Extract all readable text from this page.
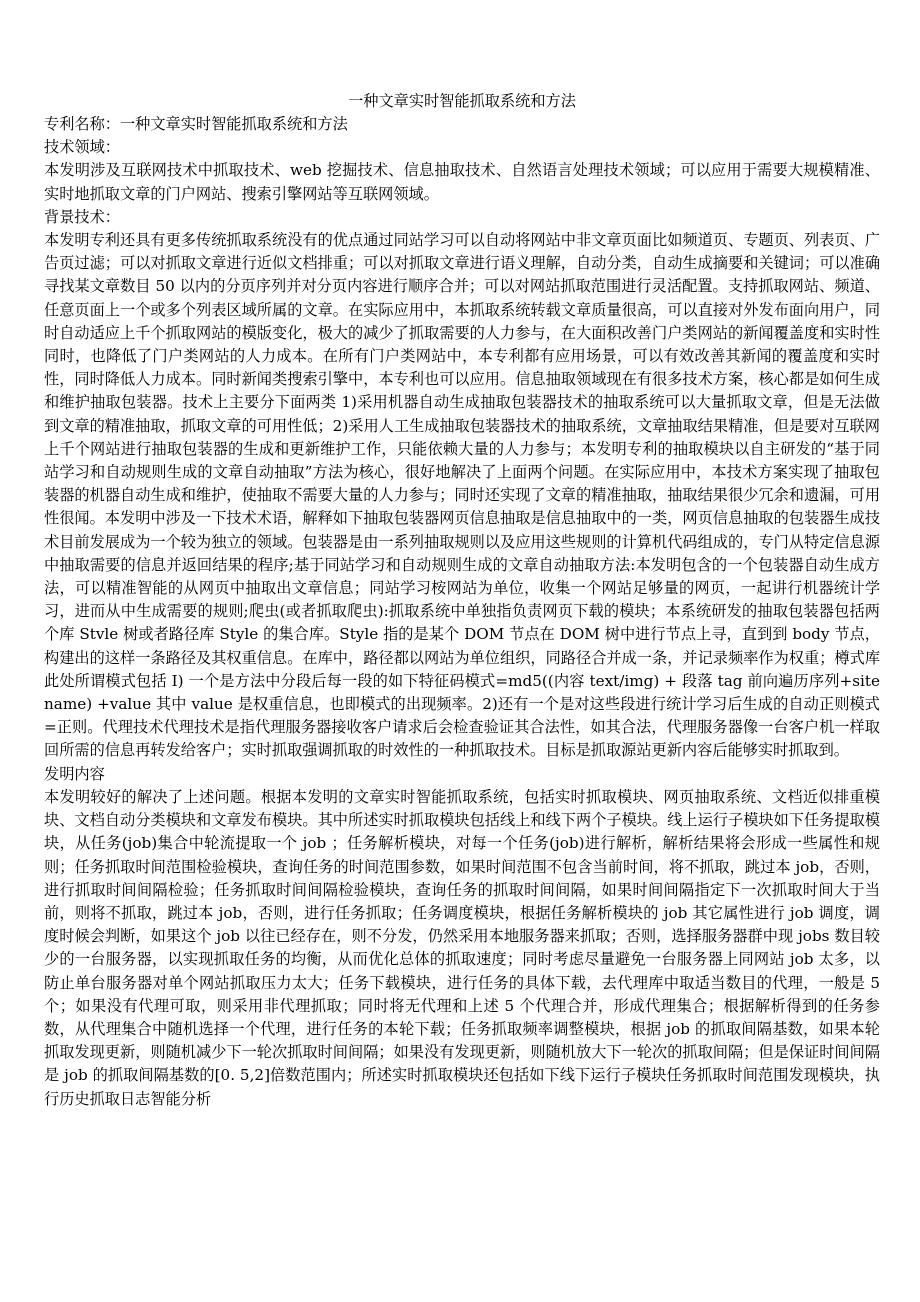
一种文章实时智能抓取系统和方法
专利名称：一种文章实时智能抓取系统和方法
技术领域：
本发明涉及互联网技术中抓取技术、web 挖掘技术、信息抽取技术、自然语言处理技术领域；可以应用于需要大规模精准、实时地抓取文章的门户网站、搜索引擎网站等互联网领域。
背景技术：
本发明专利还具有更多传统抓取系统没有的优点通过同站学习可以自动将网站中非文章页面比如频道页、专题页、列表页、广告页过滤；可以对抓取文章进行近似文档排重；可以对抓取文章进行语义理解，自动分类，自动生成摘要和关键词；可以准确寻找某文章数目 50 以内的分页序列并对分页内容进行顺序合并；可以对网站抓取范围进行灵活配置。支持抓取网站、频道、任意页面上一个或多个列表区域所属的文章。在实际应用中，本抓取系统转载文章质量很高，可以直接对外发布面向用户，同时自动适应上千个抓取网站的模版变化，极大的减少了抓取需要的人力参与，在大面积改善门户类网站的新闻覆盖度和实时性同时，也降低了门户类网站的人力成本。在所有门户类网站中，本专利都有应用场景，可以有效改善其新闻的覆盖度和实时性，同时降低人力成本。同时新闻类搜索引擎中，本专利也可以应用。信息抽取领域现在有很多技术方案，核心都是如何生成和维护抽取包装器。技术上主要分下面两类 1)采用机器自动生成抽取包装器技术的抽取系统可以大量抓取文章，但是无法做到文章的精准抽取，抓取文章的可用性低；2)采用人工生成抽取包装器技术的抽取系统，文章抽取结果精准，但是要对互联网上千个网站进行抽取包装器的生成和更新维护工作，只能依赖大量的人力参与；本发明专利的抽取模块以自主研发的“基于同站学习和自动规则生成的文章自动抽取”方法为核心，很好地解决了上面两个问题。在实际应用中，本技术方案实现了抽取包装器的机器自动生成和维护，使抽取不需要大量的人力参与；同时还实现了文章的精准抽取，抽取结果很少冗余和遗漏，可用性很闻。本发明中涉及一下技术术语，解释如下抽取包装器网页信息抽取是信息抽取中的一类，网页信息抽取的包装器生成技术目前发展成为一个较为独立的领域。包装器是由一系列抽取规则以及应用这些规则的计算机代码组成的，专门从特定信息源中抽取需要的信息并返回结果的程序;基于同站学习和自动规则生成的文章自动抽取方法:本发明包含的一个包装器自动生成方法，可以精准智能的从网页中抽取出文章信息；同站学习桉网站为单位，收集一个网站足够量的网页，一起讲行机器统计学习，进而从中生成需要的规则;爬虫(或者抓取爬虫):抓取系统中单独指负责网页下载的模块；本系统研发的抽取包装器包括两个库 Stvle 树或者路径库 Style 的集合库。Style 指的是某个 DOM 节点在 DOM 树中进行节点上寻，直到到 body 节点，构建出的这样一条路径及其权重信息。在库中，路径都以网站为单位组织，同路径合并成一条，并记录频率作为权重；樽式库此处所谓模式包括 I) 一个是方法中分段后每一段的如下特征码模式=md5((内容 text/img) + 段落 tag 前向遍历序列+site name) +value 其中 value 是权重信息，也即模式的出现频率。2)还有一个是对这些段进行统计学习后生成的自动正则模式=正则。代理技术代理技术是指代理服务器接收客户请求后会检查验证其合法性，如其合法，代理服务器像一台客户机一样取回所需的信息再转发给客户；实时抓取强调抓取的时效性的一种抓取技术。目标是抓取源站更新内容后能够实时抓取到。
发明内容
本发明较好的解决了上述问题。根据本发明的文章实时智能抓取系统，包括实时抓取模块、网页抽取系统、文档近似排重模块、文档自动分类模块和文章发布模块。其中所述实时抓取模块包括线上和线下两个子模块。线上运行子模块如下任务提取模块，从任务(job)集合中轮流提取一个 job ；任务解析模块，对每一个任务(job)进行解析，解析结果将会形成一些属性和规则；任务抓取时间范围检验模块，查询任务的时间范围参数，如果时间范围不包含当前时间，将不抓取，跳过本 job，否则，进行抓取时间间隔检验；任务抓取时间间隔检验模块，查询任务的抓取时间间隔，如果时间间隔指定下一次抓取时间大于当前，则将不抓取，跳过本 job，否则，进行任务抓取；任务调度模块，根据任务解析模块的 job 其它属性进行 job 调度，调度时候会判断，如果这个 job 以往已经存在，则不分发，仍然采用本地服务器来抓取；否则，选择服务器群中现 jobs 数目较少的一台服务器，以实现抓取任务的均衡，从而优化总体的抓取速度；同时考虑尽量避免一台服务器上同网站 job 太多，以防止单台服务器对单个网站抓取压力太大；任务下载模块，进行任务的具体下载，去代理库中取适当数目的代理，一般是 5 个；如果没有代理可取，则采用非代理抓取；同时将无代理和上述 5 个代理合并，形成代理集合；根据解析得到的任务参数，从代理集合中随机选择一个代理，进行任务的本轮下载；任务抓取频率调整模块，根据 job 的抓取间隔基数，如果本轮抓取发现更新，则随机减少下一轮次抓取时间间隔；如果没有发现更新，则随机放大下一轮次的抓取间隔；但是保证时间间隔是 job 的抓取间隔基数的[0. 5,2]倍数范围内；所述实时抓取模块还包括如下线下运行子模块任务抓取时间范围发现模块，执行历史抓取日志智能分析
